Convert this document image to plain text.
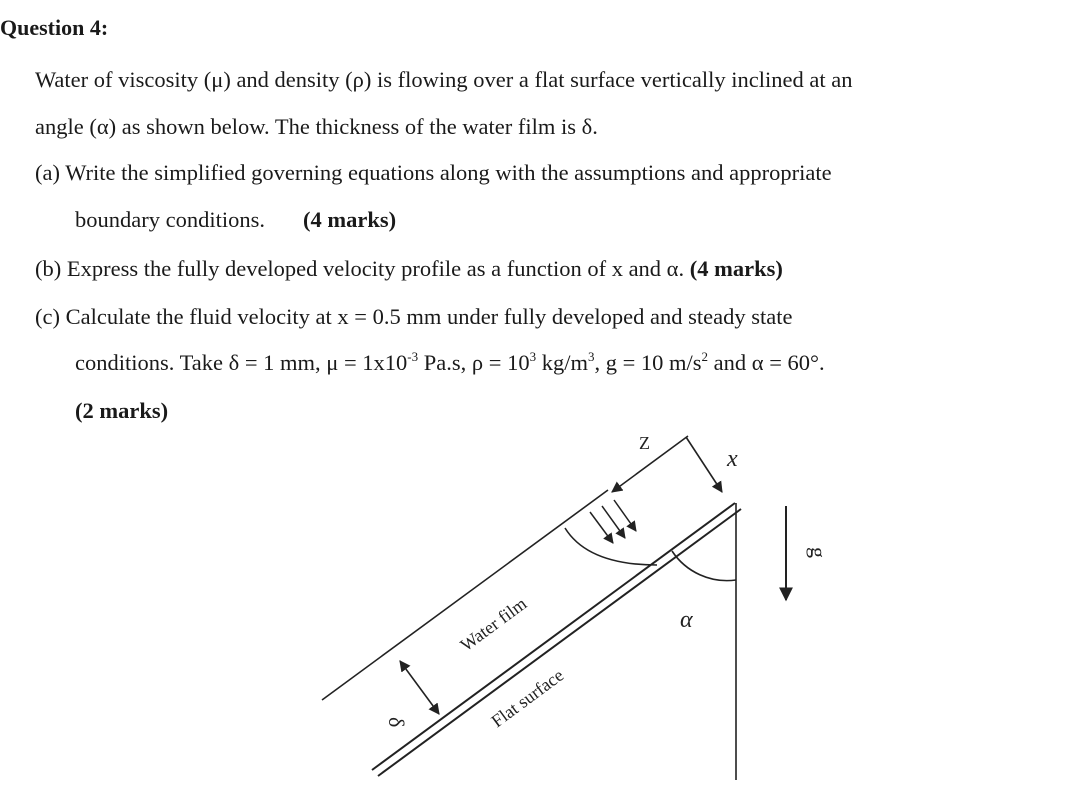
Question 4:
Water of viscosity (μ) and density (ρ) is flowing over a flat surface vertically inclined at an
angle (α) as shown below. The thickness of the water film is δ.
(a) Write the simplified governing equations along with the assumptions and appropriate
boundary conditions. (4 marks)
(b) Express the fully developed velocity profile as a function of x and α. (4 marks)
(c) Calculate the fluid velocity at x = 0.5 mm under fully developed and steady state
conditions. Take δ = 1 mm, $\mu = 1x10^{-3}$ Pa.s, $\rho = 10^3$ $kg/m^3$, g = 10 $m/s^2$ and α = 60°.
(2 marks)
Z
x
g
α
δ
Water film
Flat surface
